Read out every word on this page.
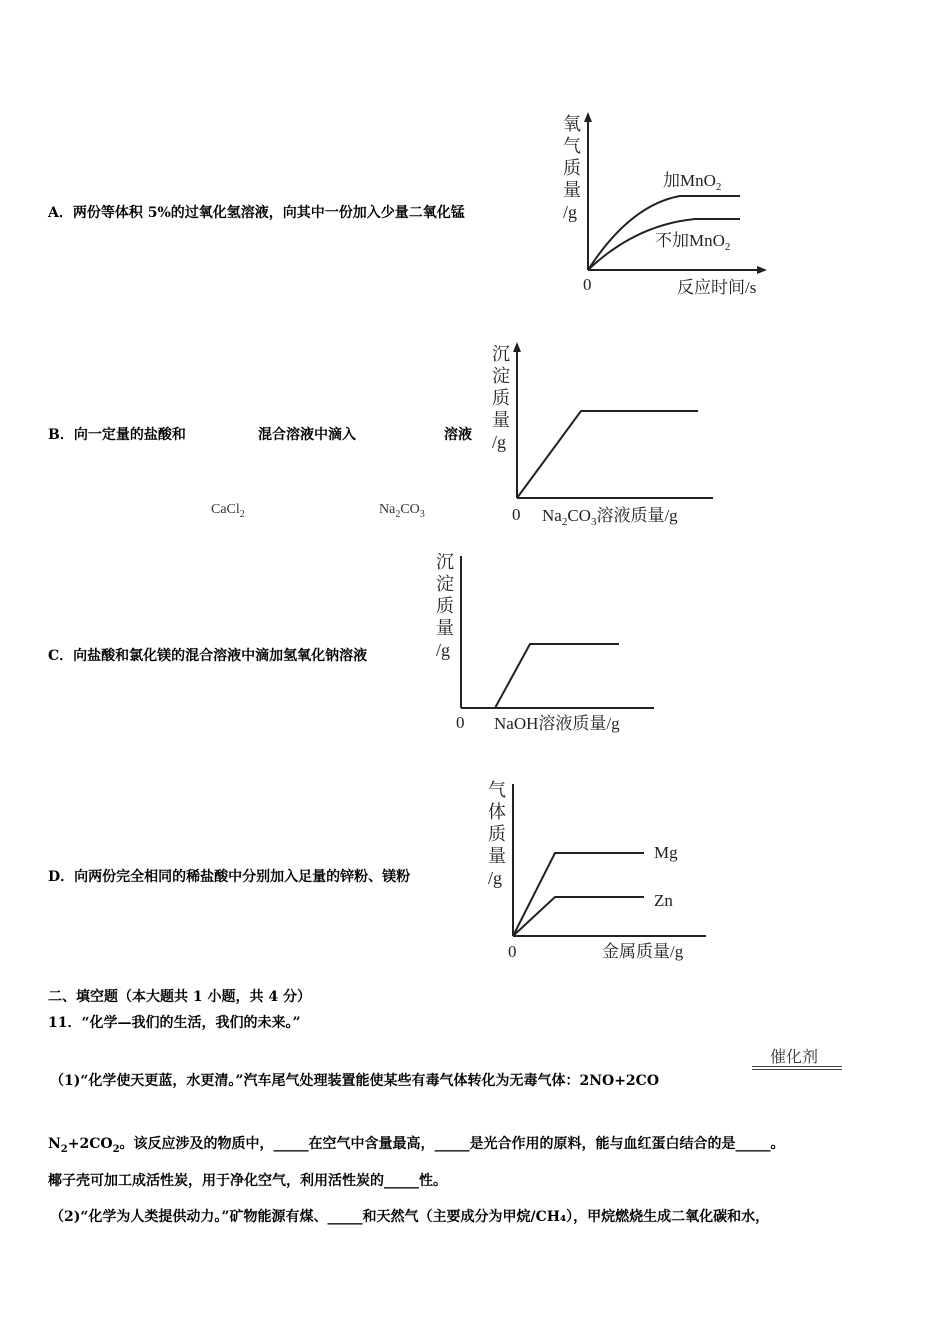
A．两份等体积 5%的过氧化氢溶液，向其中一份加入少量二氧化锰
氧
气
质
量
/g
加MnO$_2$
不加MnO$_2$
0	反应时间/s
B．向一定量的盐酸和	混合溶液中滴入	溶液
CaCl$_2$	$Na_2CO_3$
沉
淀
质
量
/g
0 $Na_2CO_3$溶液质量/g
C．向盐酸和氯化镁的混合溶液中滴加氢氧化钠溶液
沉
淀
质
量
/g
0 NaOH溶液质量/g
D．向两份完全相同的稀盐酸中分别加入足量的锌粉、镁粉
气
体
质
量
/g
Mg
Zn
0	金属质量/g
二、填空题（本大题共 1 小题，共 4 分）
11．“化学—我们的生活，我们的未来。”
（1)“化学使天更蓝，水更清。”汽车尾气处理装置能使某些有毒气体转化为无毒气体：2NO+2CO
催化剂
$N_2+2CO_2$。该反应涉及的物质中，_____在空气中含量最高，_____是光合作用的原料，能与血红蛋白结合的是_____。
椰子壳可加工成活性炭，用于净化空气，利用活性炭的_____性。
（2)“化学为人类提供动力。”矿物能源有煤、_____和天然气（主要成分为甲烷/CH₄），甲烷燃烧生成二氧化碳和水，
